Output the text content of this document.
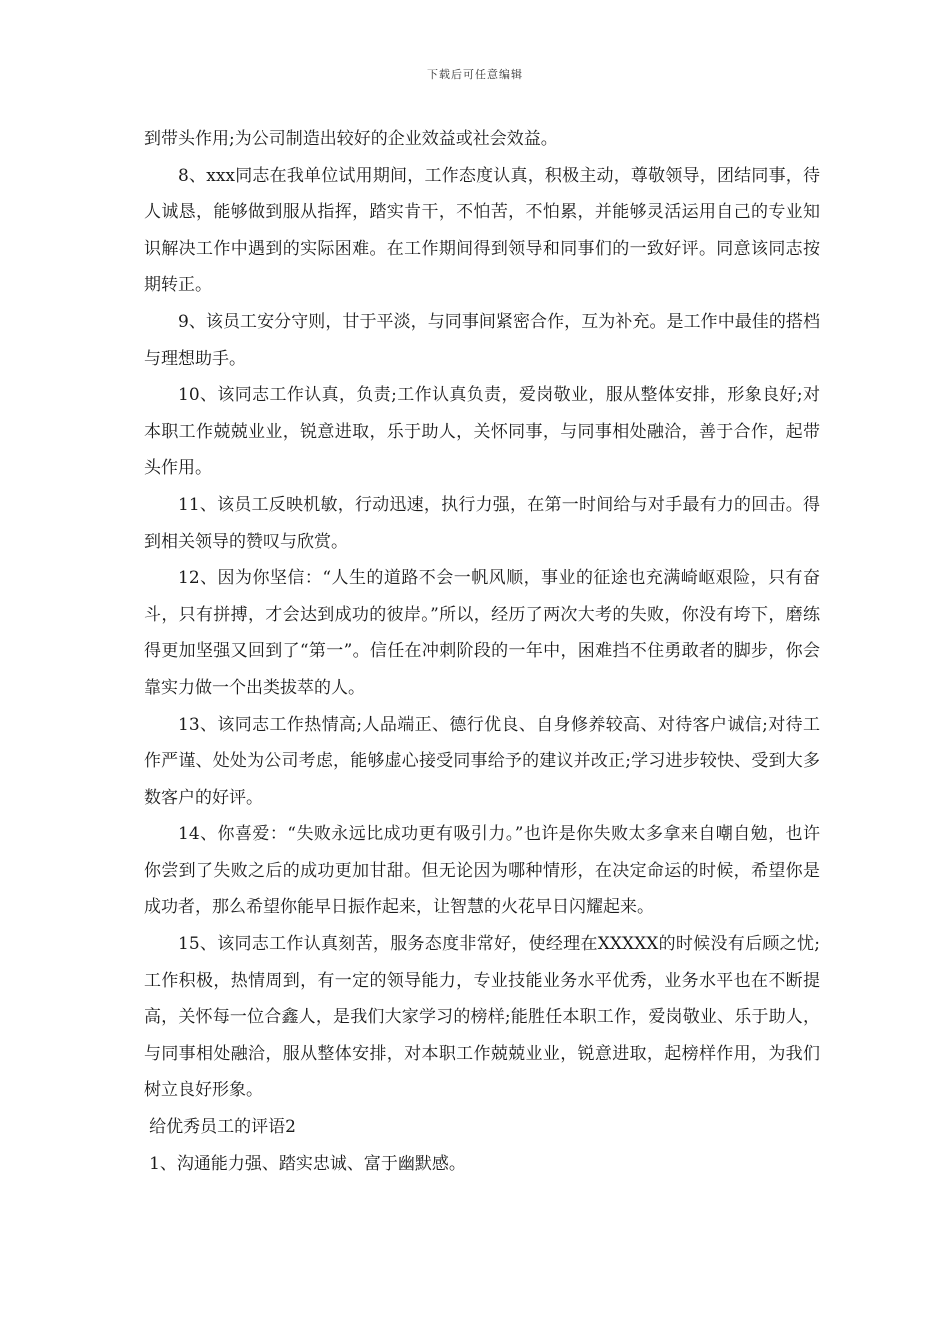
下载后可任意编辑

到带头作用;为公司制造出较好的企业效益或社会效益。

8、xxx同志在我单位试用期间，工作态度认真，积极主动，尊敬领导，团结同事，待人诚恳，能够做到服从指挥，踏实肯干，不怕苦，不怕累，并能够灵活运用自己的专业知识解决工作中遇到的实际困难。在工作期间得到领导和同事们的一致好评。同意该同志按期转正。

9、该员工安分守则，甘于平淡，与同事间紧密合作，互为补充。是工作中最佳的搭档与理想助手。

10、该同志工作认真，负责;工作认真负责，爱岗敬业，服从整体安排，形象良好;对本职工作兢兢业业，锐意进取，乐于助人，关怀同事，与同事相处融洽，善于合作，起带头作用。

11、该员工反映机敏，行动迅速，执行力强，在第一时间给与对手最有力的回击。得到相关领导的赞叹与欣赏。

12、因为你坚信：“人生的道路不会一帆风顺，事业的征途也充满崎岖艰险，只有奋斗，只有拼搏，才会达到成功的彼岸。”所以，经历了两次大考的失败，你没有垮下，磨练得更加坚强又回到了“第一”。信任在冲刺阶段的一年中，困难挡不住勇敢者的脚步，你会靠实力做一个出类拔萃的人。

13、该同志工作热情高;人品端正、德行优良、自身修养较高、对待客户诚信;对待工作严谨、处处为公司考虑，能够虚心接受同事给予的建议并改正;学习进步较快、受到大多数客户的好评。

14、你喜爱：“失败永远比成功更有吸引力。”也许是你失败太多拿来自嘲自勉，也许你尝到了失败之后的成功更加甘甜。但无论因为哪种情形，在决定命运的时候，希望你是成功者，那么希望你能早日振作起来，让智慧的火花早日闪耀起来。

15、该同志工作认真刻苦，服务态度非常好，使经理在XXXXX的时候没有后顾之忧;工作积极，热情周到，有一定的领导能力，专业技能业务水平优秀，业务水平也在不断提高，关怀每一位合鑫人，是我们大家学习的榜样;能胜任本职工作，爱岗敬业、乐于助人，与同事相处融洽，服从整体安排，对本职工作兢兢业业，锐意进取，起榜样作用，为我们树立良好形象。

给优秀员工的评语2

1、沟通能力强、踏实忠诚、富于幽默感。
